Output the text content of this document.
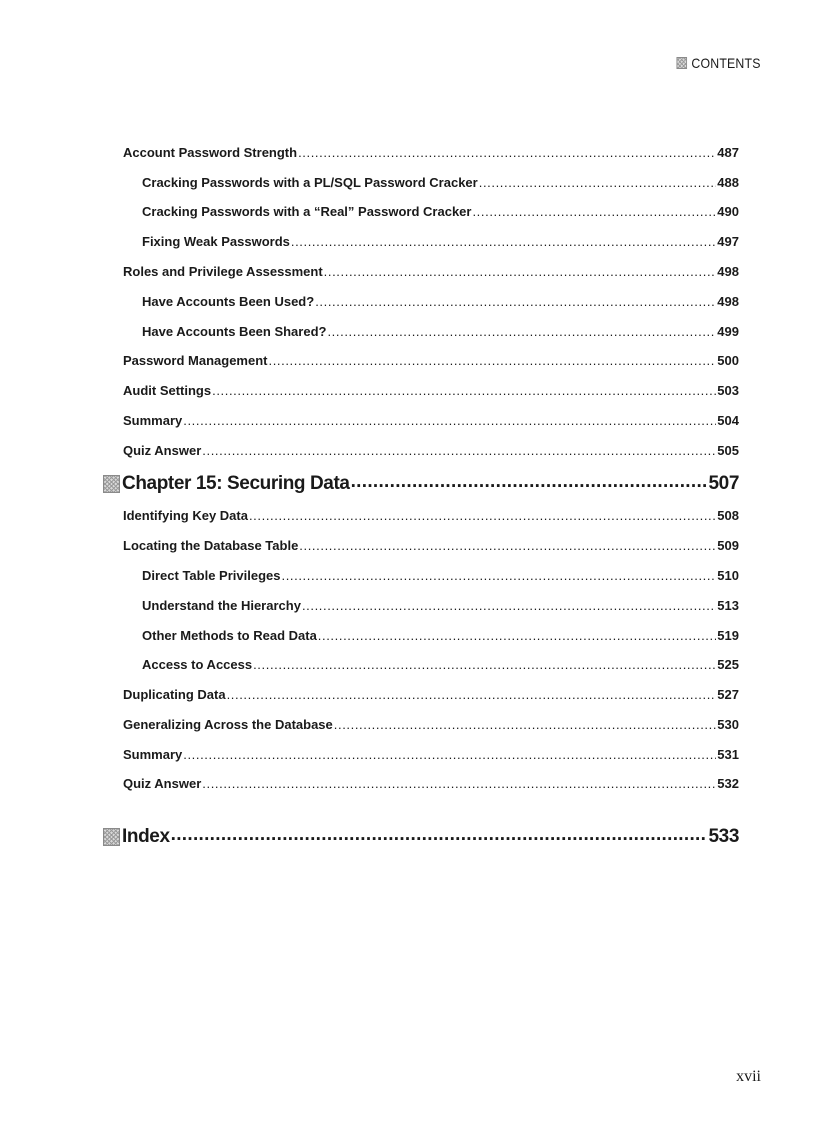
CONTENTS
Account Password Strength .....	487
Cracking Passwords with a PL/SQL Password Cracker .....	488
Cracking Passwords with a “Real” Password Cracker .....	490
Fixing Weak Passwords .....	497
Roles and Privilege Assessment .....	498
Have Accounts Been Used? .....	498
Have Accounts Been Shared? .....	499
Password Management .....	500
Audit Settings .....	503
Summary .....	504
Quiz Answer .....	505
Chapter 15: Securing Data .....	507
Identifying Key Data .....	508
Locating the Database Table .....	509
Direct Table Privileges .....	510
Understand the Hierarchy .....	513
Other Methods to Read Data .....	519
Access to Access .....	525
Duplicating Data .....	527
Generalizing Across the Database .....	530
Summary .....	531
Quiz Answer .....	532
Index .....	533
xvii
